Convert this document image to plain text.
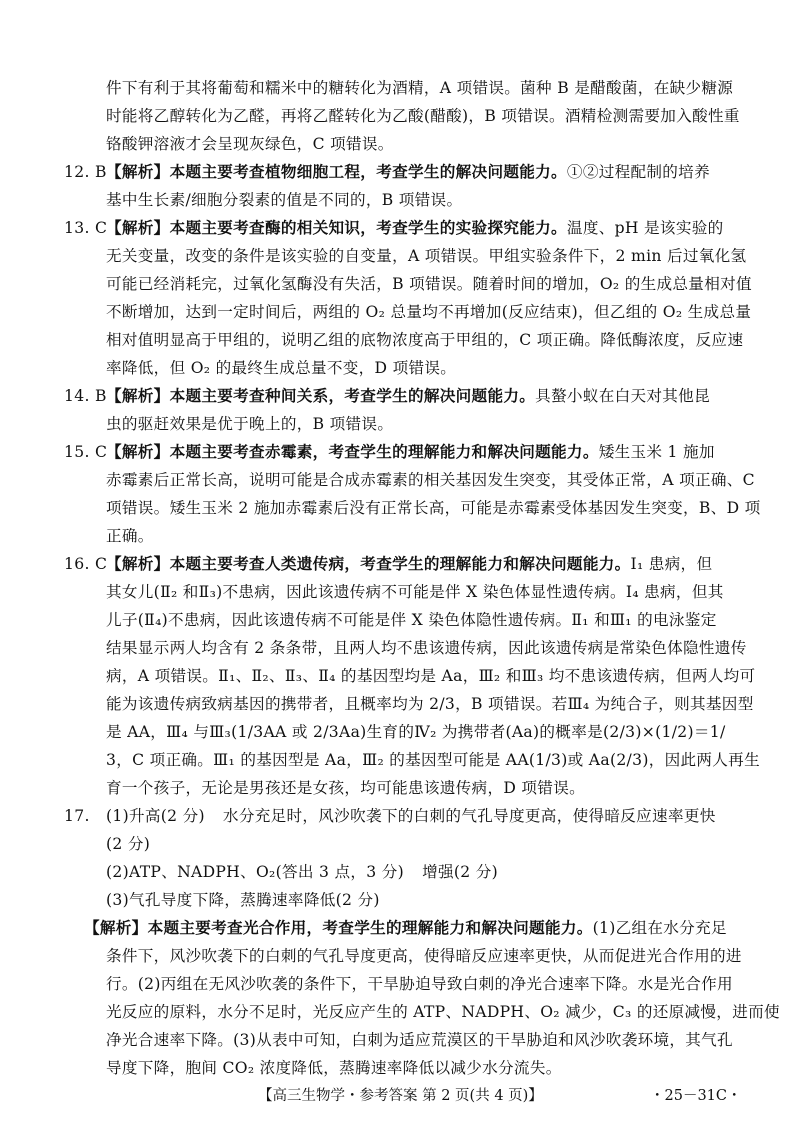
件下有利于其将葡萄和糯米中的糖转化为酒精，A 项错误。菌种 B 是醋酸菌，在缺少糖源
时能将乙醇转化为乙醛，再将乙醛转化为乙酸(醋酸)，B 项错误。酒精检测需要加入酸性重
铬酸钾溶液才会呈现灰绿色，C 项错误。
12. B 【解析】本题主要考查植物细胞工程，考查学生的解决问题能力。①②过程配制的培养
基中生长素/细胞分裂素的值是不同的，B 项错误。
13. C
【解析】本题主要考查酶的相关知识，考查学生的实验探究能力。温度、pH 是该实验的
无关变量，改变的条件是该实验的自变量，A 项错误。甲组实验条件下，2 min 后过氧化氢
可能已经消耗完，过氧化氢酶没有失活，B 项错误。随着时间的增加，O₂ 的生成总量相对值
不断增加，达到一定时间后，两组的 O₂ 总量均不再增加(反应结束)，但乙组的 O₂ 生成总量
相对值明显高于甲组的，说明乙组的底物浓度高于甲组的，C 项正确。降低酶浓度，反应速
率降低，但 O₂ 的最终生成总量不变，D 项错误。
14. B 【解析】本题主要考查种间关系，考查学生的解决问题能力。具螯小蚁在白天对其他昆
虫的驱赶效果是优于晚上的，B 项错误。
15. C
【解析】本题主要考查赤霉素，考查学生的理解能力和解决问题能力。矮生玉米 1 施加
赤霉素后正常长高，说明可能是合成赤霉素的相关基因发生突变，其受体正常，A 项正确、C
项错误。矮生玉米 2 施加赤霉素后没有正常长高，可能是赤霉素受体基因发生突变，B、D 项
正确。
16. C
【解析】本题主要考查人类遗传病，考查学生的理解能力和解决问题能力。Ⅰ₁ 患病，但
其女儿(Ⅱ₂ 和Ⅱ₃)不患病，因此该遗传病不可能是伴 X 染色体显性遗传病。Ⅰ₄ 患病，但其
儿子(Ⅱ₄)不患病，因此该遗传病不可能是伴 X 染色体隐性遗传病。Ⅱ₁ 和Ⅲ₁ 的电泳鉴定
结果显示两人均含有 2 条条带，且两人均不患该遗传病，因此该遗传病是常染色体隐性遗传
病，A 项错误。Ⅱ₁、Ⅱ₂、Ⅱ₃、Ⅱ₄ 的基因型均是 Aa，Ⅲ₂ 和Ⅲ₃ 均不患该遗传病，但两人均可
能为该遗传病致病基因的携带者，且概率均为 2/3，B 项错误。若Ⅲ₄ 为纯合子，则其基因型
是 AA，Ⅲ₄ 与Ⅲ₃(1/3AA 或 2/3Aa)生育的Ⅳ₂ 为携带者(Aa)的概率是(2/3)×(1/2)＝1/
3，C 项正确。Ⅲ₁ 的基因型是 Aa，Ⅲ₂ 的基因型可能是 AA(1/3)或 Aa(2/3)，因此两人再生
育一个孩子，无论是男孩还是女孩，均可能患该遗传病，D 项错误。
17. (1)升高(2 分) 水分充足时，风沙吹袭下的白刺的气孔导度更高，使得暗反应速率更快
(2 分)
(2)ATP、NADPH、O₂(答出 3 点，3 分) 增强(2 分)
(3)气孔导度下降，蒸腾速率降低(2 分)
【解析】本题主要考查光合作用，考查学生的理解能力和解决问题能力。(1)乙组在水分充足
条件下，风沙吹袭下的白刺的气孔导度更高，使得暗反应速率更快，从而促进光合作用的进
行。(2)丙组在无风沙吹袭的条件下，干旱胁迫导致白刺的净光合速率下降。水是光合作用
光反应的原料，水分不足时，光反应产生的 ATP、NADPH、O₂ 减少，C₃ 的还原减慢，进而使
净光合速率下降。(3)从表中可知，白刺为适应荒漠区的干旱胁迫和风沙吹袭环境，其气孔
导度下降，胞间 CO₂ 浓度降低，蒸腾速率降低以减少水分流失。
【高三生物学・参考答案 第 2 页(共 4 页)】	・25－31C・
